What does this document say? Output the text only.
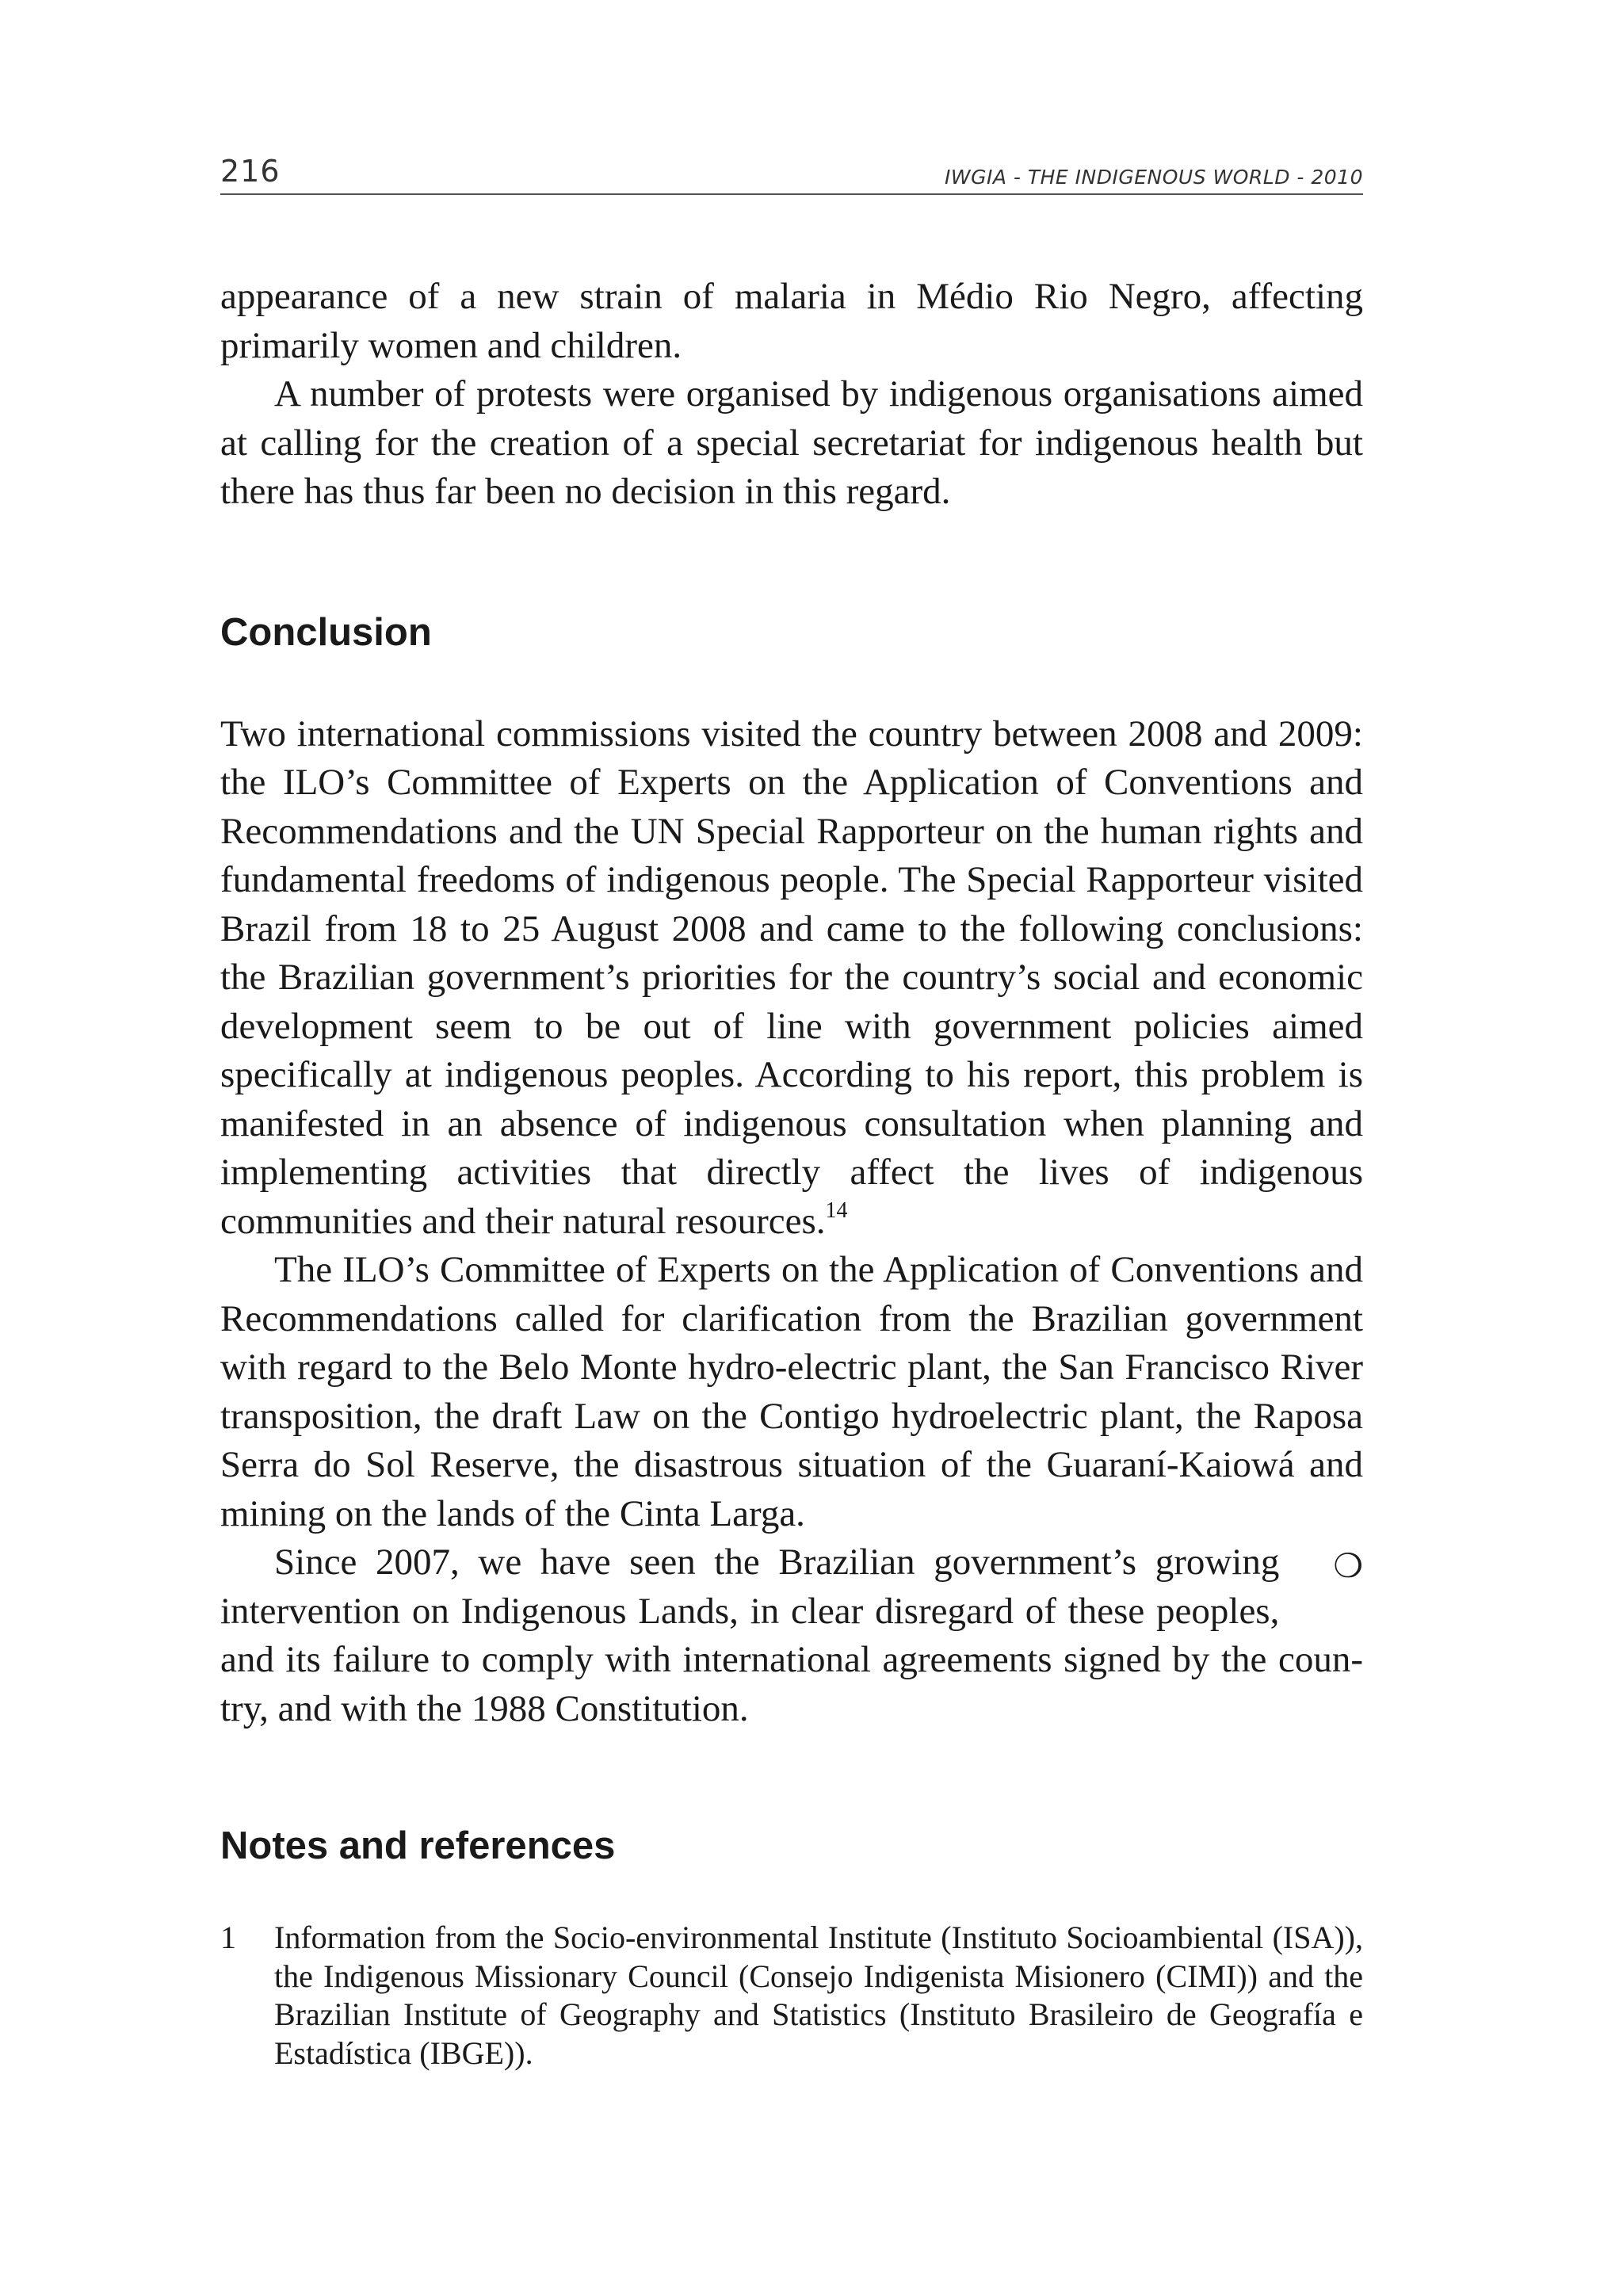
216	IWGIA - THE INDIGENOUS WORLD - 2010

appearance of a new strain of malaria in Médio Rio Negro, affecting primarily women and children.

A number of protests were organised by indigenous organisations aimed at calling for the creation of a special secretariat for indigenous health but there has thus far been no decision in this regard.

Conclusion

Two international commissions visited the country between 2008 and 2009: the ILO’s Committee of Experts on the Application of Conventions and Recommendations and the UN Special Rapporteur on the human rights and fundamental freedoms of indigenous people. The Special Rapporteur visited Brazil from 18 to 25 August 2008 and came to the following conclusions: the Brazilian government’s priorities for the country’s social and economic development seem to be out of line with government policies aimed specifically at indigenous peoples. According to his report, this problem is manifested in an absence of indigenous consultation when planning and implementing activities that directly affect the lives of indigenous communities and their natural resources.$^{14}$

The ILO’s Committee of Experts on the Application of Conventions and Recommendations called for clarification from the Brazilian government with regard to the Belo Monte hydro-electric plant, the San Francisco River transposition, the draft Law on the Contigo hydroelectric plant, the Raposa Serra do Sol Reserve, the disastrous situation of the Guaraní-Kaiowá and mining on the lands of the Cinta Larga.

❍
Since 2007, we have seen the Brazilian government’s growing intervention on Indigenous Lands, in clear disregard of these peoples, and its failure to comply with international agreements signed by the country, and with the 1988 Constitution.

Notes and references
1	Information from the Socio-environmental Institute (Instituto Socioambiental (ISA)), the Indigenous Missionary Council (Consejo Indigenista Misionero (CIMI)) and the Brazilian Institute of Geography and Statistics (Instituto Brasileiro de Geografía e Estadística (IBGE)).
